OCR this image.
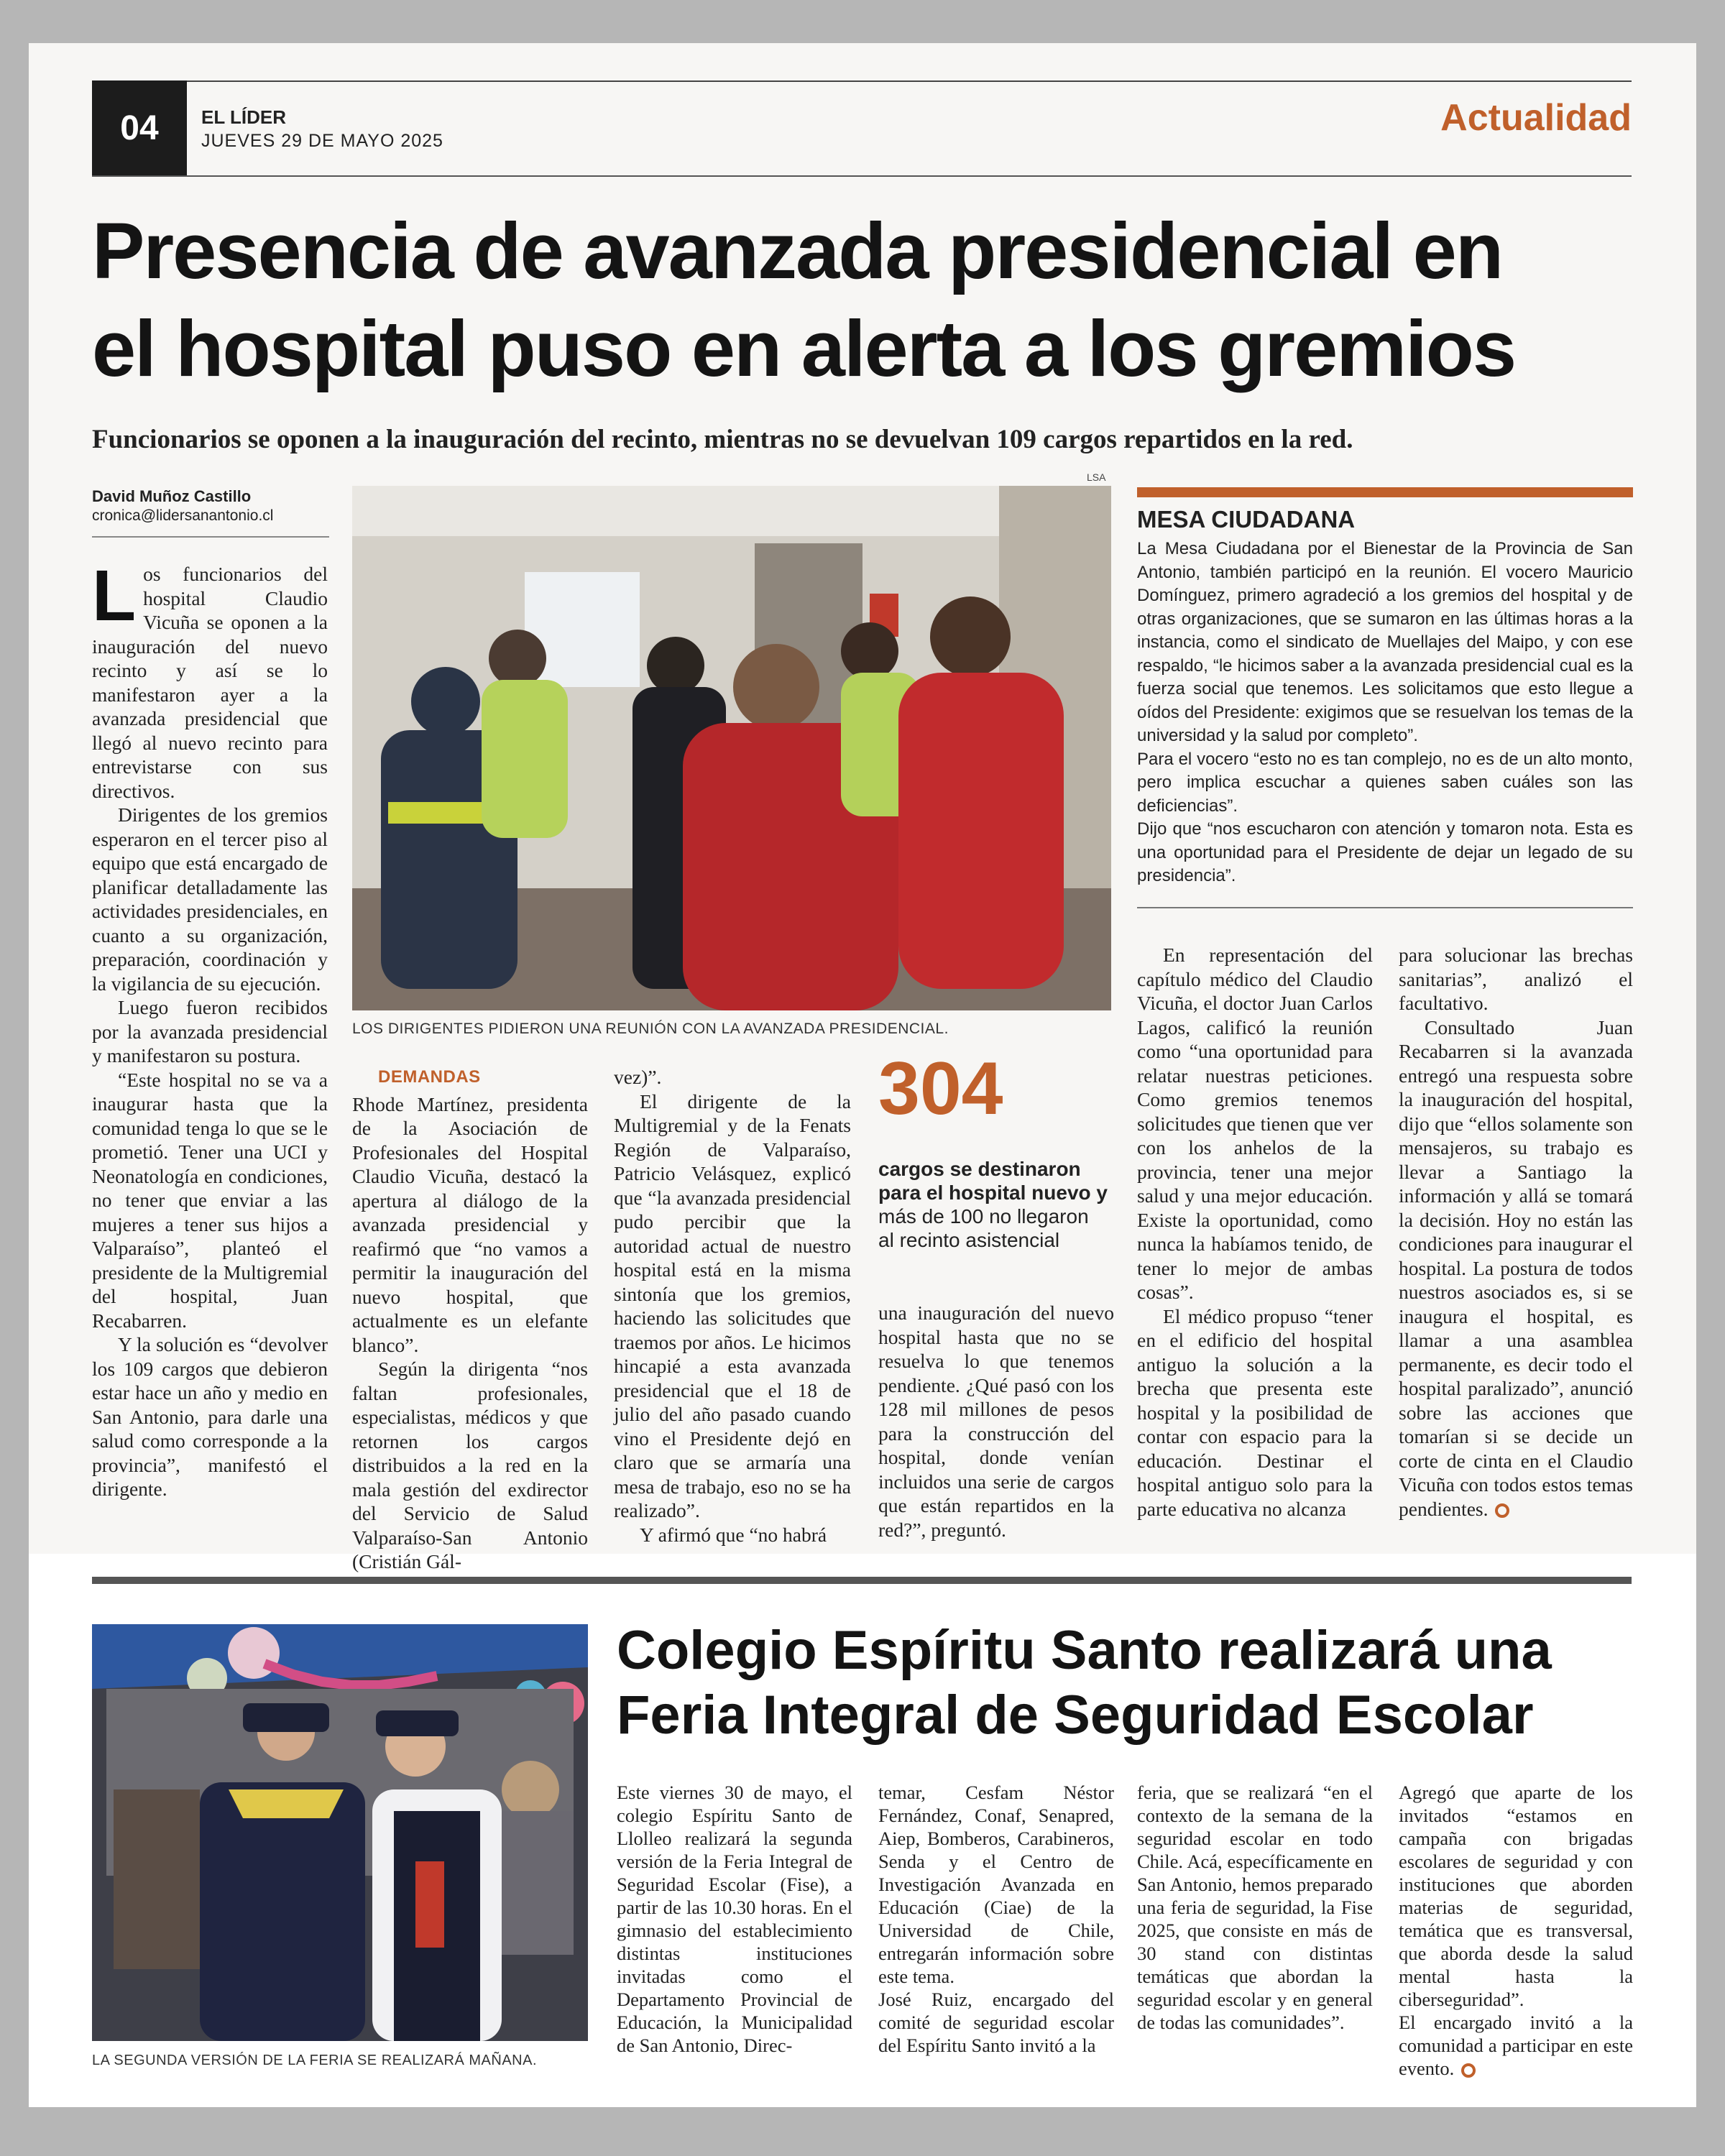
04	EL LÍDER
JUEVES 29 DE MAYO 2025
Actualidad
Presencia de avanzada presidencial en
el hospital puso en alerta a los gremios
Funcionarios se oponen a la inauguración del recinto, mientras no se devuelvan 109 cargos repartidos en la red.
David Muñoz Castillo
cronica@lidersanantonio.cl

Los funcionarios del hospital Claudio Vicuña se oponen a la inauguración del nuevo recinto y así se lo manifestaron ayer a la avanzada presidencial que llegó al nuevo recinto para entrevistarse con sus directivos.

Dirigentes de los gremios esperaron en el tercer piso al equipo que está encargado de planificar detalladamente las actividades presidenciales, en cuanto a su organización, preparación, coordinación y la vigilancia de su ejecución.

Luego fueron recibidos por la avanzada presidencial y manifestaron su postura.

“Este hospital no se va a inaugurar hasta que la comunidad tenga lo que se le prometió. Tener una UCI y Neonatología en condiciones, no tener que enviar a las mujeres a tener sus hijos a Valparaíso”, planteó el presidente de la Multigremial del hospital, Juan Recabarren.

Y la solución es “devolver los 109 cargos que debieron estar hace un año y medio en San Antonio, para darle una salud como corresponde a la provincia”, manifestó el dirigente.

LSA
LOS DIRIGENTES PIDIERON UNA REUNIÓN CON LA AVANZADA PRESIDENCIAL.

DEMANDAS

Rhode Martínez, presidenta de la Asociación de Profesionales del Hospital Claudio Vicuña, destacó la apertura al diálogo de la avanzada presidencial y reafirmó que “no vamos a permitir la inauguración del nuevo hospital, que actualmente es un elefante blanco”.

Según la dirigenta “nos faltan profesionales, especialistas, médicos y que retornen los cargos distribuidos a la red en la mala gestión del exdirector del Servicio de Salud Valparaíso-San Antonio (Cristián Gál-

vez)”.

El dirigente de la Multigremial y de la Fenats Región de Valparaíso, Patricio Velásquez, explicó que “la avanzada presidencial pudo percibir que la autoridad actual de nuestro hospital está en la misma sintonía que los gremios, haciendo las solicitudes que traemos por años. Le hicimos hincapié a esta avanzada presidencial que el 18 de julio del año pasado cuando vino el Presidente dejó en claro que se armaría una mesa de trabajo, eso no se ha realizado”.

Y afirmó que “no habrá

304
cargos se destinaron para el hospital nuevo y más de 100 no llegaron al recinto asistencial

una inauguración del nuevo hospital hasta que no se resuelva lo que tenemos pendiente. ¿Qué pasó con los 128 mil millones de pesos para la construcción del hospital, donde venían incluidos una serie de cargos que están repartidos en la red?”, preguntó.

MESA CIUDADANA

La Mesa Ciudadana por el Bienestar de la Provincia de San Antonio, también participó en la reunión. El vocero Mauricio Domínguez, primero agradeció a los gremios del hospital y de otras organizaciones, que se sumaron en las últimas horas a la instancia, como el sindicato de Muellajes del Maipo, y con ese respaldo, “le hicimos saber a la avanzada presidencial cual es la fuerza social que tenemos. Les solicitamos que esto llegue a oídos del Presidente: exigimos que se resuelvan los temas de la universidad y la salud por completo”.

Para el vocero “esto no es tan complejo, no es de un alto monto, pero implica escuchar a quienes saben cuáles son las deficiencias”.

Dijo que “nos escucharon con atención y tomaron nota. Esta es una oportunidad para el Presidente de dejar un legado de su presidencia”.

En representación del capítulo médico del Claudio Vicuña, el doctor Juan Carlos Lagos, calificó la reunión como “una oportunidad para relatar nuestras peticiones. Como gremios tenemos solicitudes que tienen que ver con los anhelos de la provincia, tener una mejor salud y una mejor educación. Existe la oportunidad, como nunca la habíamos tenido, de tener lo mejor de ambas cosas”.

El médico propuso “tener en el edificio del hospital antiguo la solución a la brecha que presenta este hospital y la posibilidad de contar con espacio para la educación. Destinar el hospital antiguo solo para la parte educativa no alcanza

para solucionar las brechas sanitarias”, analizó el facultativo.

Consultado Juan Recabarren si la avanzada entregó una respuesta sobre la inauguración del hospital, dijo que “ellos solamente son mensajeros, su trabajo es llevar a Santiago la información y allá se tomará la decisión. Hoy no están las condiciones para inaugurar el hospital. La postura de todos nuestros asociados es, si se inaugura el hospital, es llamar a una asamblea permanente, es decir todo el hospital paralizado”, anunció sobre las acciones que tomarían si se decide un corte de cinta en el Claudio Vicuña con todos estos temas pendientes.

LA SEGUNDA VERSIÓN DE LA FERIA SE REALIZARÁ MAÑANA.
Colegio Espíritu Santo realizará una
Feria Integral de Seguridad Escolar

Este viernes 30 de mayo, el colegio Espíritu Santo de Llolleo realizará la segunda versión de la Feria Integral de Seguridad Escolar (Fise), a partir de las 10.30 horas. En el gimnasio del establecimiento distintas instituciones invitadas como el Departamento Provincial de Educación, la Municipalidad de San Antonio, Direc-

temar, Cesfam Néstor Fernández, Conaf, Senapred, Aiep, Bomberos, Carabineros, Senda y el Centro de Investigación Avanzada en Educación (Ciae) de la Universidad de Chile, entregarán información sobre este tema.

José Ruiz, encargado del comité de seguridad escolar del Espíritu Santo invitó a la

feria, que se realizará “en el contexto de la semana de la seguridad escolar en todo Chile. Acá, específicamente en San Antonio, hemos preparado una feria de seguridad, la Fise 2025, que consiste en más de 30 stand con distintas temáticas que abordan la seguridad escolar y en general de todas las comunidades”.

Agregó que aparte de los invitados “estamos en campaña con brigadas escolares de seguridad y con instituciones que aborden materias de seguridad, temática que es transversal, que aborda desde la salud mental hasta la ciberseguridad”.

El encargado invitó a la comunidad a participar en este evento.
